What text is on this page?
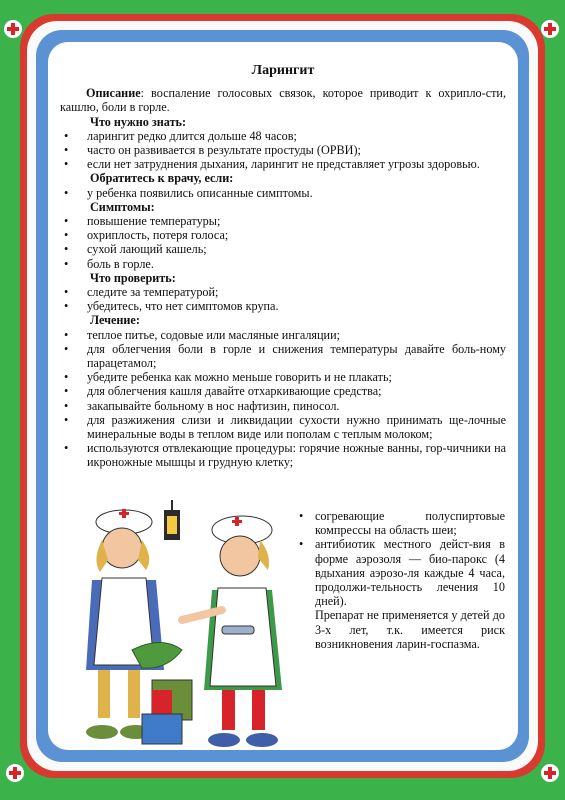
Ларингит

Описание: воспаление голосовых связок, которое приводит к охрипло-сти, кашлю, боли в горле.

Что нужно знать:

• ларингит редко длится дольше 48 часов;
• часто он развивается в результате простуды (ОРВИ);
• если нет затруднения дыхания, ларингит не представляет угрозы здоровью.

Обратитесь к врачу, если:

• у ребенка появились описанные симптомы.

Симптомы:

• повышение температуры;
• охриплость, потеря голоса;
• сухой лающий кашель;
• боль в горле.

Что проверить:

• следите за температурой;
• убедитесь, что нет симптомов крупа.

Лечение:

• теплое питье, содовые или масляные ингаляции;
• для облегчения боли в горле и снижения температуры давайте боль-ному парацетамол;
• убедите ребенка как можно меньше говорить и не плакать;
• для облегчения кашля давайте отхаркивающие средства;
• закапывайте больному в нос нафтизин, пиносол.
• для разжижения слизи и ликвидации сухости нужно принимать ще-лочные минеральные воды в теплом виде или пополам с теплым молоком;
• используются отвлекающие процедуры: горячие ножные ванны, гор-чичники на икроножные мышцы и грудную клетку;
• согревающие полуспиртовые компрессы на область шеи;
• антибиотик местного дейст-вия в форме аэрозоля — био-парокс (4 вдыхания аэрозо-ля каждые 4 часа, продолжи-тельность лечения 10 дней).

Препарат не применяется у детей до 3-х лет, т.к. имеется риск возникновения ларин-госпазма.
